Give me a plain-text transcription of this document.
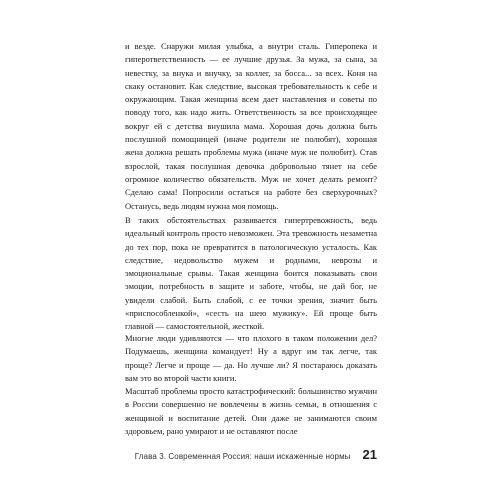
и везде. Снаружи милая улыбка, а внутри сталь. Гиперопека и гиперответственность — ее лучшие друзья. За мужа, за сына, за невестку, за внука и внучку, за коллег, за босса... за всех. Коня на скаку остановит. Как следствие, высокая требовательность к себе и окружающим. Такая женщина всем дает наставления и советы по поводу того, как надо жить. Ответственность за все происходящее вокруг ей с детства внушила мама. Хорошая дочь должна быть послушной помощницей (иначе родители не полюбят), хорошая жена должна решать проблемы мужа (иначе муж не полюбит). Став взрослой, такая послушная девочка добровольно тянет на себе огромное количество обязательств. Муж не хочет делать ремонт? Сделаю сама! Попросили остаться на работе без сверхурочных? Останусь, ведь людям нужна моя помощь.

В таких обстоятельствах развивается гипертревожность, ведь идеальный контроль просто невозможен. Эта тревожность незаметна до тех пор, пока не превратится в патологическую усталость. Как следствие, недовольство мужем и родными, неврозы и эмоциональные срывы. Такая женщина боится показывать свои эмоции, потребность в защите и заботе, чтобы, не дай бог, не увидели слабой. Быть слабой, с ее точки зрения, значит быть «приспособленкой», «сесть на шею мужику». Ей проще быть главной — самостоятельной, жесткой.

Многие люди удивляются — что плохого в таком положении дел? Подумаешь, женщина командует! Ну а вдруг им так легче, так проще? Легче и проще — да. Но лучше ли? Я постараюсь доказать вам это во второй части книги.

Масштаб проблемы просто катастрофический: большинство мужчин в России совершенно не вовлечены в жизнь семьи, в отношения с женщиной и воспитание детей. Они даже не занимаются своим здоровьем, рано умирают и не оставляют после

Глава 3. Современная Россия: наши искаженные нормы 21
